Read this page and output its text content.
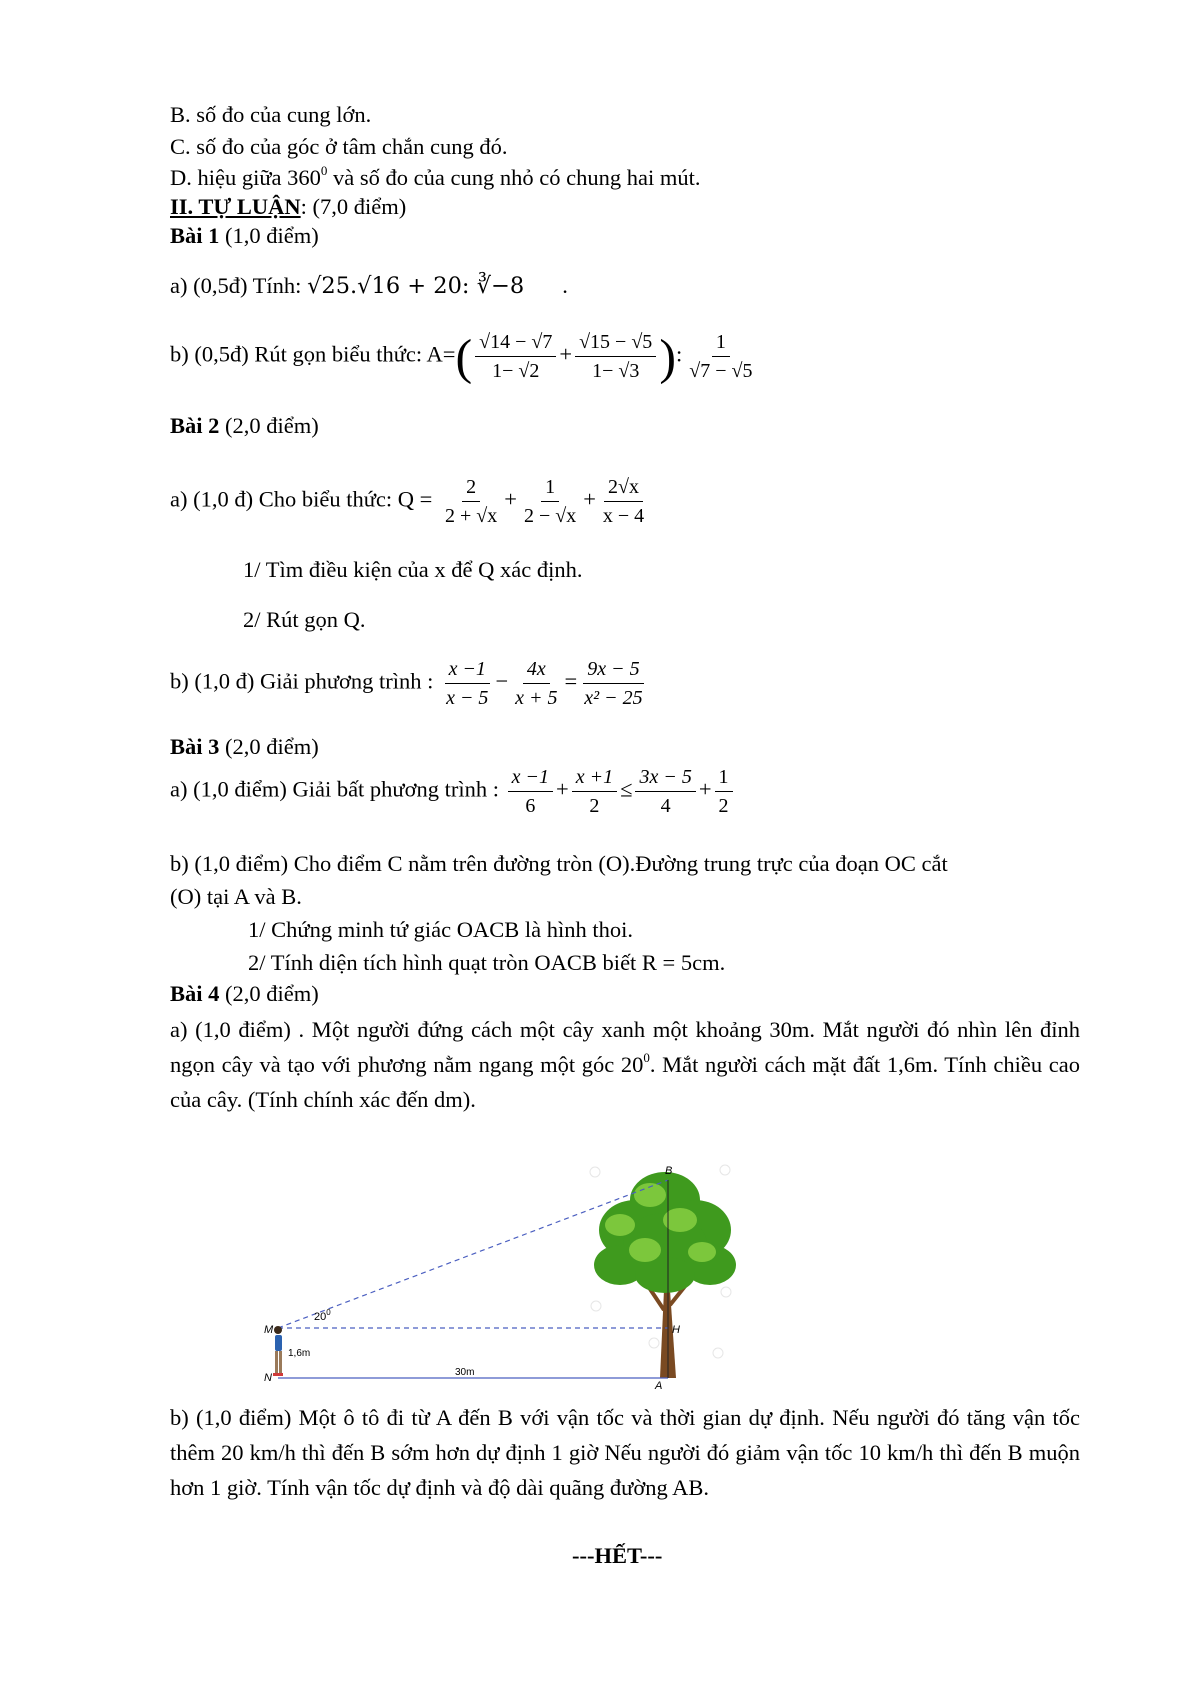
B. số đo của cung lớn.
C. số đo của góc ở tâm chắn cung đó.
D. hiệu giữa $360^0$ và số đo của cung nhỏ có chung hai mút.
II. TỰ LUẬN: (7,0 điểm)
Bài 1 (1,0 điểm)
a) (0,5đ) Tính: √25.√16 + 20: ∛−8 .
b) (0,5đ) Rút gọn biểu thức: $A=( \frac{√14 - √7}{1- √2} + \frac{√15 - √5}{1- √3}$ ): $\frac{1}{√7 - √5}$
Bài 2 (2,0 điểm)
a) (1,0 đ) Cho biểu thức: $Q = \frac{2}{2 + √x} + \frac{1}{2 - √x} + \frac{2√x}{x - 4}$
1/ Tìm điều kiện của x để Q xác định.
2/ Rút gọn Q.
b) (1,0 đ) Giải phương trình : $\frac{x -1}{x - 5} - \frac{4x}{x + 5} = \frac{9x - 5}{\text{x² − 25}}$
Bài 3 (2,0 điểm)
a) (1,0 điểm) Giải bất phương trình : $\frac{x -1}{6} + \frac{x +1}{2} \le \frac{3x - 5}{4} + \frac{1}{2}$
b) (1,0 điểm) Cho điểm C nằm trên đường tròn (O).Đường trung trực của đoạn OC cắt
(O) tại A và B.
1/ Chứng minh tứ giác OACB là hình thoi.
2/ Tính diện tích hình quạt tròn OACB biết R = 5cm.
Bài 4 (2,0 điểm)
a) (1,0 điểm) . Một người đứng cách một cây xanh một khoảng 30m. Mắt người đó nhìn lên đỉnh ngọn cây và tạo với phương nằm ngang một góc $20^0$. Mắt người cách mặt đất 1,6m. Tính chiều cao của cây. (Tính chính xác đến dm).
B
H
A
M
N
$20^0$
1,6m
30m
b) (1,0 điểm) Một ô tô đi từ A đến B với vận tốc và thời gian dự định. Nếu người đó tăng vận tốc thêm 20 km/h thì đến B sớm hơn dự định 1 giờ Nếu người đó giảm vận tốc 10 km/h thì đến B muộn hơn 1 giờ. Tính vận tốc dự định và độ dài quãng đường AB.
---HẾT---
